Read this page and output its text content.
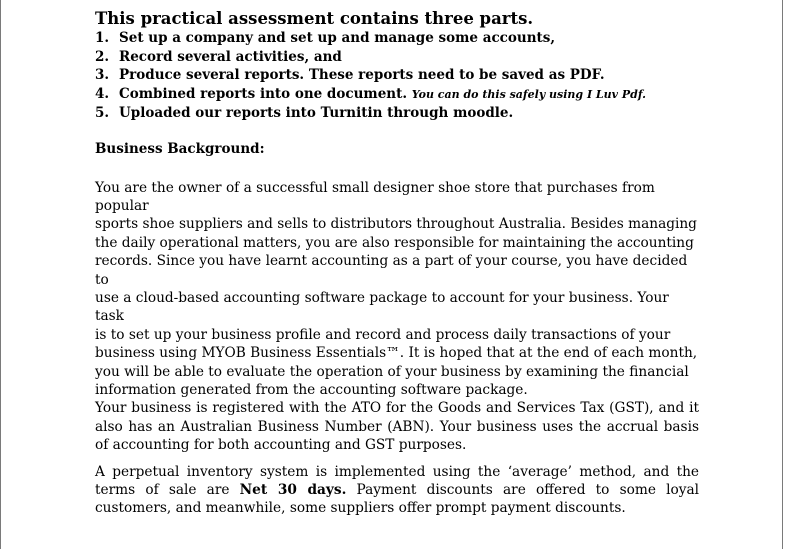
This practical assessment contains three parts.

1. Set up a company and set up and manage some accounts,
2. Record several activities, and
3. Produce several reports. These reports need to be saved as PDF.
4. Combined reports into one document. You can do this safely using I Luv Pdf.
5. Uploaded our reports into Turnitin through moodle.
Business Background:
You are the owner of a successful small designer shoe store that purchases from popular
sports shoe suppliers and sells to distributors throughout Australia. Besides managing
the daily operational matters, you are also responsible for maintaining the accounting
records. Since you have learnt accounting as a part of your course, you have decided to
use a cloud-based accounting software package to account for your business. Your task
is to set up your business profile and record and process daily transactions of your
business using MYOB Business Essentials™. It is hoped that at the end of each month,
you will be able to evaluate the operation of your business by examining the financial
information generated from the accounting software package.

Your business is registered with the ATO for the Goods and Services Tax (GST), and it also has an Australian Business Number (ABN). Your business uses the accrual basis of accounting for both accounting and GST purposes.

A perpetual inventory system is implemented using the ‘average’ method, and the terms of sale are Net 30 days. Payment discounts are offered to some loyal customers, and meanwhile, some suppliers offer prompt payment discounts.
